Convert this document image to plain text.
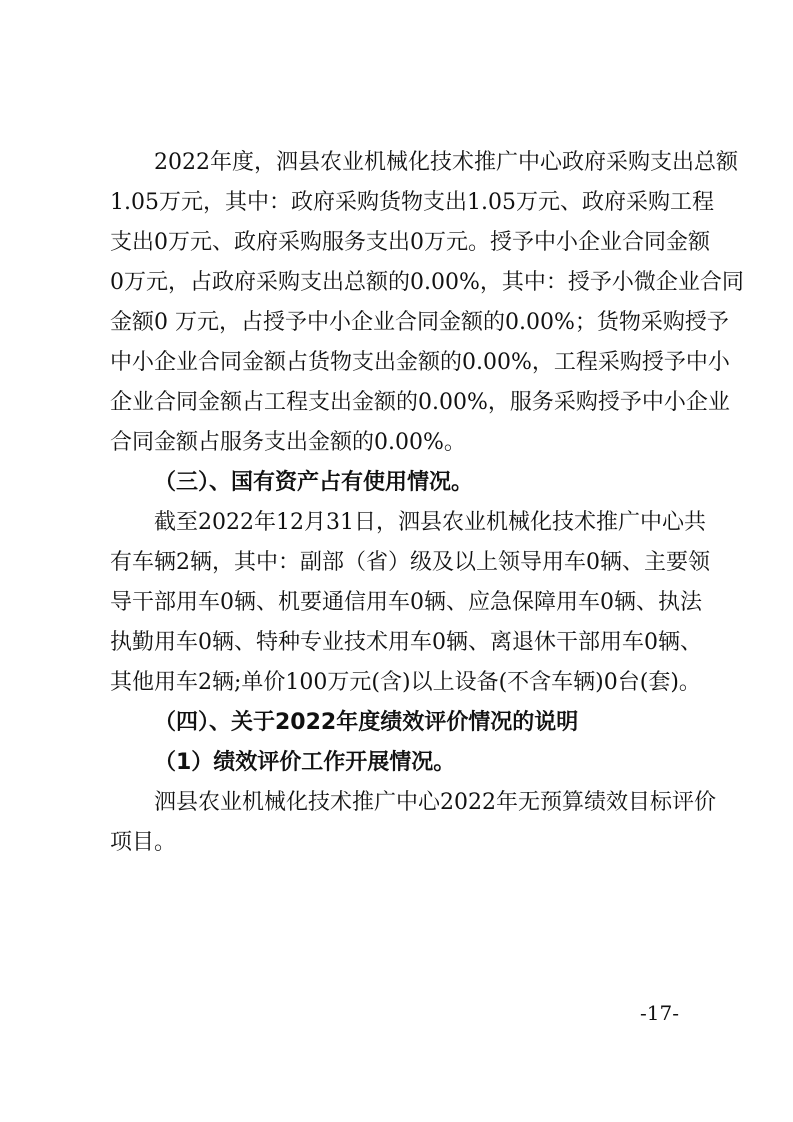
2022年度，泗县农业机械化技术推广中心政府采购支出总额
1.05万元，其中：政府采购货物支出1.05万元、政府采购工程
支出0万元、政府采购服务支出0万元。授予中小企业合同金额
0万元，占政府采购支出总额的0.00%，其中：授予小微企业合同
金额0 万元，占授予中小企业合同金额的0.00%；货物采购授予
中小企业合同金额占货物支出金额的0.00%，工程采购授予中小
企业合同金额占工程支出金额的0.00%，服务采购授予中小企业
合同金额占服务支出金额的0.00%。
（三）、国有资产占有使用情况。
截至2022年12月31日，泗县农业机械化技术推广中心共
有车辆2辆，其中：副部（省）级及以上领导用车0辆、主要领
导干部用车0辆、机要通信用车0辆、应急保障用车0辆、执法
执勤用车0辆、特种专业技术用车0辆、离退休干部用车0辆、
其他用车2辆;单价100万元(含)以上设备(不含车辆)0台(套)。
（四）、关于2022年度绩效评价情况的说明
（1）绩效评价工作开展情况。
泗县农业机械化技术推广中心2022年无预算绩效目标评价
项目。
-17-
